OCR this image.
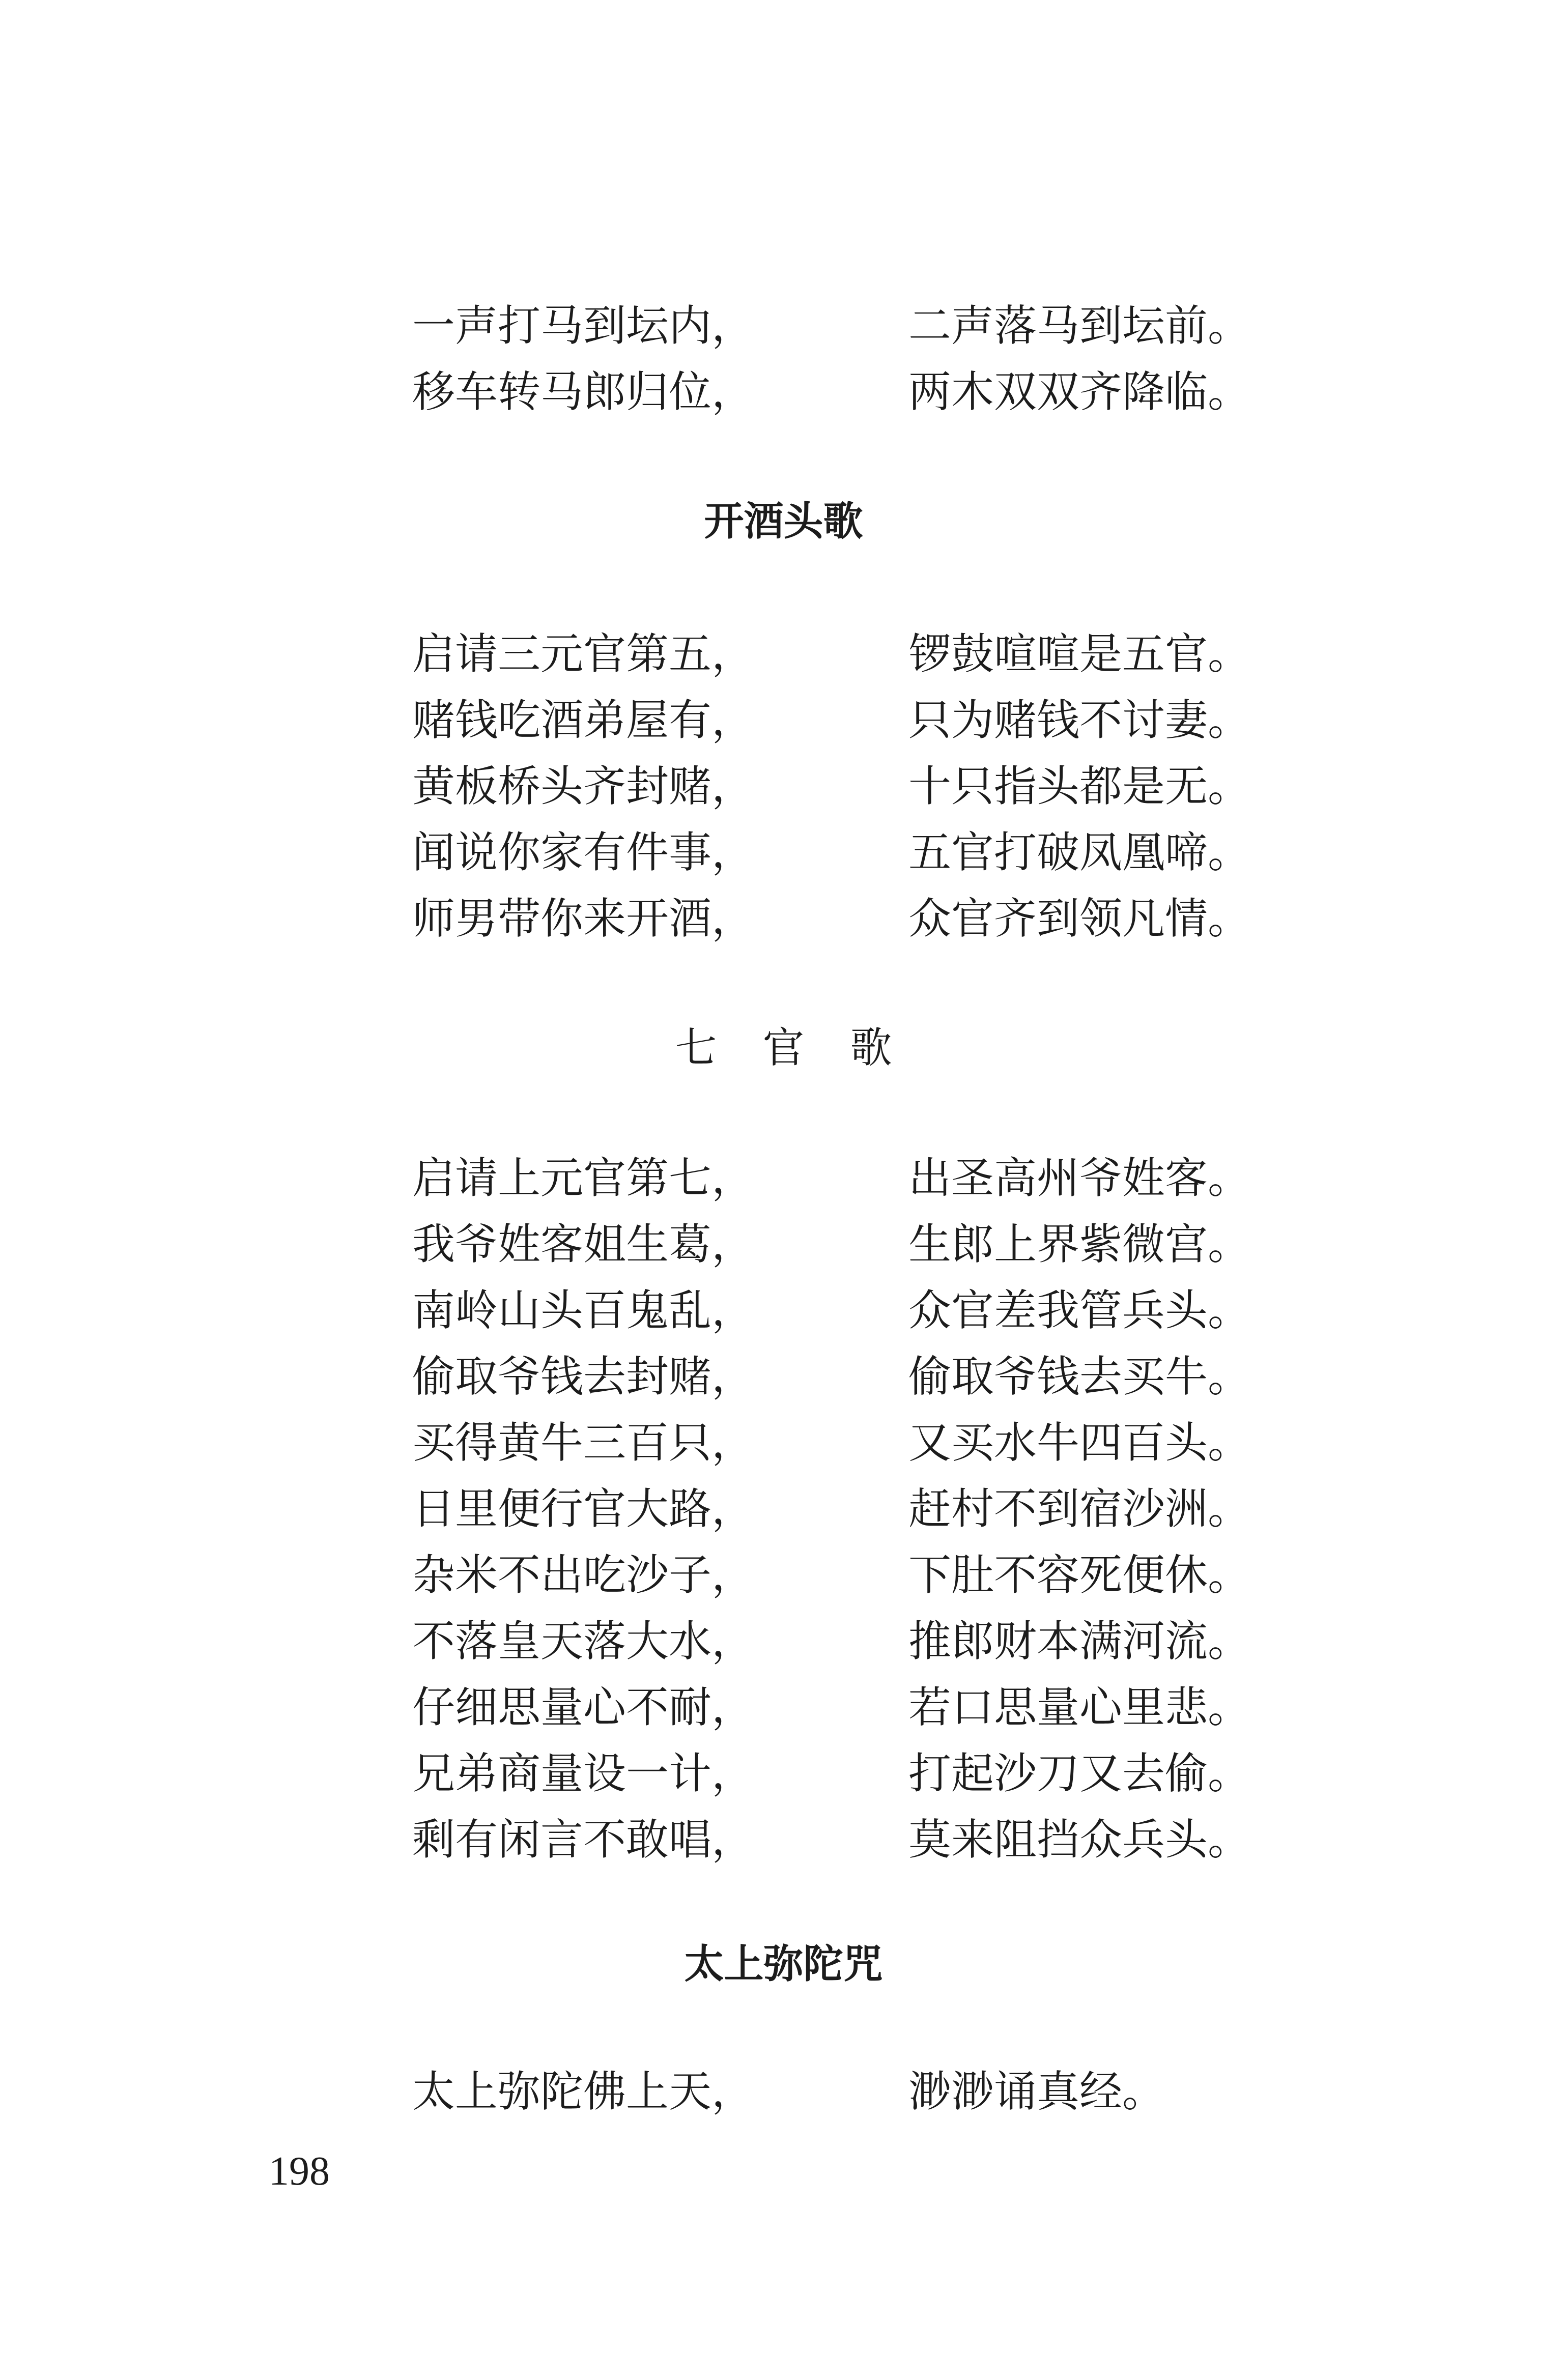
一声打马到坛内，	二声落马到坛前。
移车转马郎归位，	两木双双齐降临。
开酒头歌
启请三元官第五，	锣鼓喧喧是五官。
赌钱吃酒弟屋有，	只为赌钱不讨妻。
黄板桥头齐封赌，	十只指头都是无。
闻说你家有件事，	五官打破凤凰啼。
师男带你来开酒，	众官齐到领凡情。
七官歌
启请上元官第七，	出圣高州爷姓客。
我爷姓客姐生葛，	生郎上界紫微宫。
南岭山头百鬼乱，	众官差我管兵头。
偷取爷钱去封赌，	偷取爷钱去买牛。
买得黄牛三百只，	又买水牛四百头。
日里便行官大路，	赶村不到宿沙洲。
杂米不出吃沙子，	下肚不容死便休。
不落皇天落大水，	推郎财本满河流。
仔细思量心不耐，	若口思量心里悲。
兄弟商量设一计，	打起沙刀又去偷。
剩有闲言不敢唱，	莫来阻挡众兵头。
太上弥陀咒
太上弥陀佛上天，	渺渺诵真经。
198
